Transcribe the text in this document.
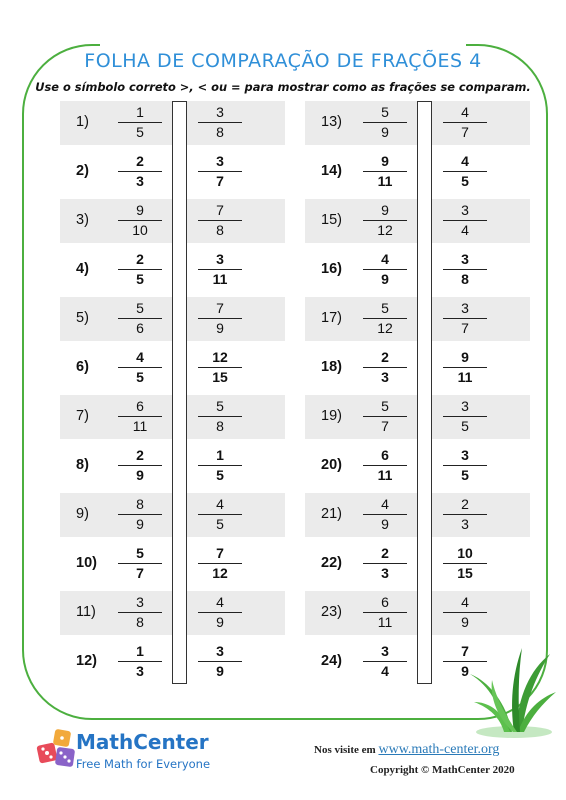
FOLHA DE COMPARAÇÃO DE FRAÇÕES 4
Use o símbolo correto >, < ou = para mostrar como as frações se comparam.
$1) \frac{1}{5}$	$\frac{3}{8}$
$2) \frac{2}{3}$	$\frac{3}{7}$
$3) \frac{9}{10}$	$\frac{7}{8}$
$4) \frac{2}{5}$	$\frac{3}{11}$
$5) \frac{5}{6}$	$\frac{7}{9}$
$6) \frac{4}{5}$	$\frac{12}{15}$
$7) \frac{6}{11}$	$\frac{5}{8}$
$8) \frac{2}{9}$	$\frac{1}{5}$
$9) \frac{8}{9}$	$\frac{4}{5}$
$10) \frac{5}{7}$	$\frac{7}{12}$
$11) \frac{3}{8}$	$\frac{4}{9}$
$12) \frac{1}{3}$	$\frac{3}{9}$
$13) \frac{5}{9}$	$\frac{4}{7}$
$14) \frac{9}{11}$	$\frac{4}{5}$
$15) \frac{9}{12}$	$\frac{3}{4}$
$16) \frac{4}{9}$	$\frac{3}{8}$
$17) \frac{5}{12}$	$\frac{3}{7}$
$18) \frac{2}{3}$	$\frac{9}{11}$
$19) \frac{5}{7}$	$\frac{3}{5}$
$20) \frac{6}{11}$	$\frac{3}{5}$
$21) \frac{4}{9}$	$\frac{2}{3}$
$22) \frac{2}{3}$	$\frac{10}{15}$
$23) \frac{6}{11}$	$\frac{4}{9}$
$24) \frac{3}{4}$	$\frac{7}{9}$
MathCenter
Free Math for Everyone
Nos visite em www.math-center.org
Copyright © MathCenter 2020
